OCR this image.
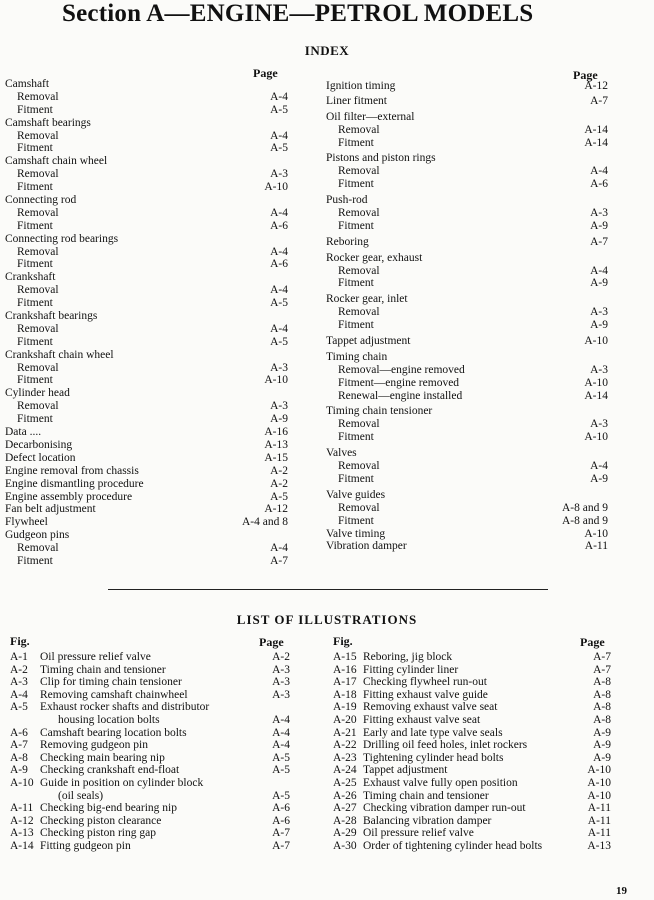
Section A—ENGINE—PETROL MODELS
INDEX
Page	Page
Camshaft
Removal	A-4
Fitment	A-5
Camshaft bearings
Removal	A-4
Fitment	A-5
Camshaft chain wheel
Removal	A-3
Fitment	A-10
Connecting rod
Removal	A-4
Fitment	A-6
Connecting rod bearings
Removal	A-4
Fitment	A-6
Crankshaft
Removal	A-4
Fitment	A-5
Crankshaft bearings
Removal	A-4
Fitment	A-5
Crankshaft chain wheel
Removal	A-3
Fitment	A-10
Cylinder head
Removal	A-3
Fitment	A-9
Data ....	A-16
Decarbonising	A-13
Defect location	A-15
Engine removal from chassis	A-2
Engine dismantling procedure	A-2
Engine assembly procedure	A-5
Fan belt adjustment	A-12
Flywheel	A-4 and 8
Gudgeon pins
Removal	A-4
Fitment	A-7
Ignition timing	A-12
Liner fitment	A-7
Oil filter—external
Removal	A-14
Fitment	A-14
Pistons and piston rings
Removal	A-4
Fitment	A-6
Push-rod
Removal	A-3
Fitment	A-9
Reboring	A-7
Rocker gear, exhaust
Removal	A-4
Fitment	A-9
Rocker gear, inlet
Removal	A-3
Fitment	A-9
Tappet adjustment	A-10
Timing chain
Removal—engine removed	A-3
Fitment—engine removed	A-10
Renewal—engine installed	A-14
Timing chain tensioner
Removal	A-3
Fitment	A-10
Valves
Removal	A-4
Fitment	A-9
Valve guides
Removal	A-8 and 9
Fitment	A-8 and 9
Valve timing	A-10
Vibration damper	A-11
LIST OF ILLUSTRATIONS
Fig.	Page	Fig.	Page
A-1 Oil pressure relief valve	A-2
A-2 Timing chain and tensioner	A-3
A-3 Clip for timing chain tensioner	A-3
A-4 Removing camshaft chainwheel	A-3
A-5 Exhaust rocker shafts and distributor
housing location bolts	A-4
A-6 Camshaft bearing location bolts	A-4
A-7 Removing gudgeon pin	A-4
A-8 Checking main bearing nip	A-5
A-9 Checking crankshaft end-float	A-5
A-10 Guide in position on cylinder block
(oil seals)	A-5
A-11 Checking big-end bearing nip	A-6
A-12 Checking piston clearance	A-6
A-13 Checking piston ring gap	A-7
A-14 Fitting gudgeon pin	A-7
A-15 Reboring, jig block	A-7
A-16 Fitting cylinder liner	A-7
A-17 Checking flywheel run-out	A-8
A-18 Fitting exhaust valve guide	A-8
A-19 Removing exhaust valve seat	A-8
A-20 Fitting exhaust valve seat	A-8
A-21 Early and late type valve seals	A-9
A-22 Drilling oil feed holes, inlet rockers	A-9
A-23 Tightening cylinder head bolts	A-9
A-24 Tappet adjustment	A-10
A-25 Exhaust valve fully open position	A-10
A-26 Timing chain and tensioner	A-10
A-27 Checking vibration damper run-out	A-11
A-28 Balancing vibration damper	A-11
A-29 Oil pressure relief valve	A-11
A-30 Order of tightening cylinder head bolts	A-13
19
